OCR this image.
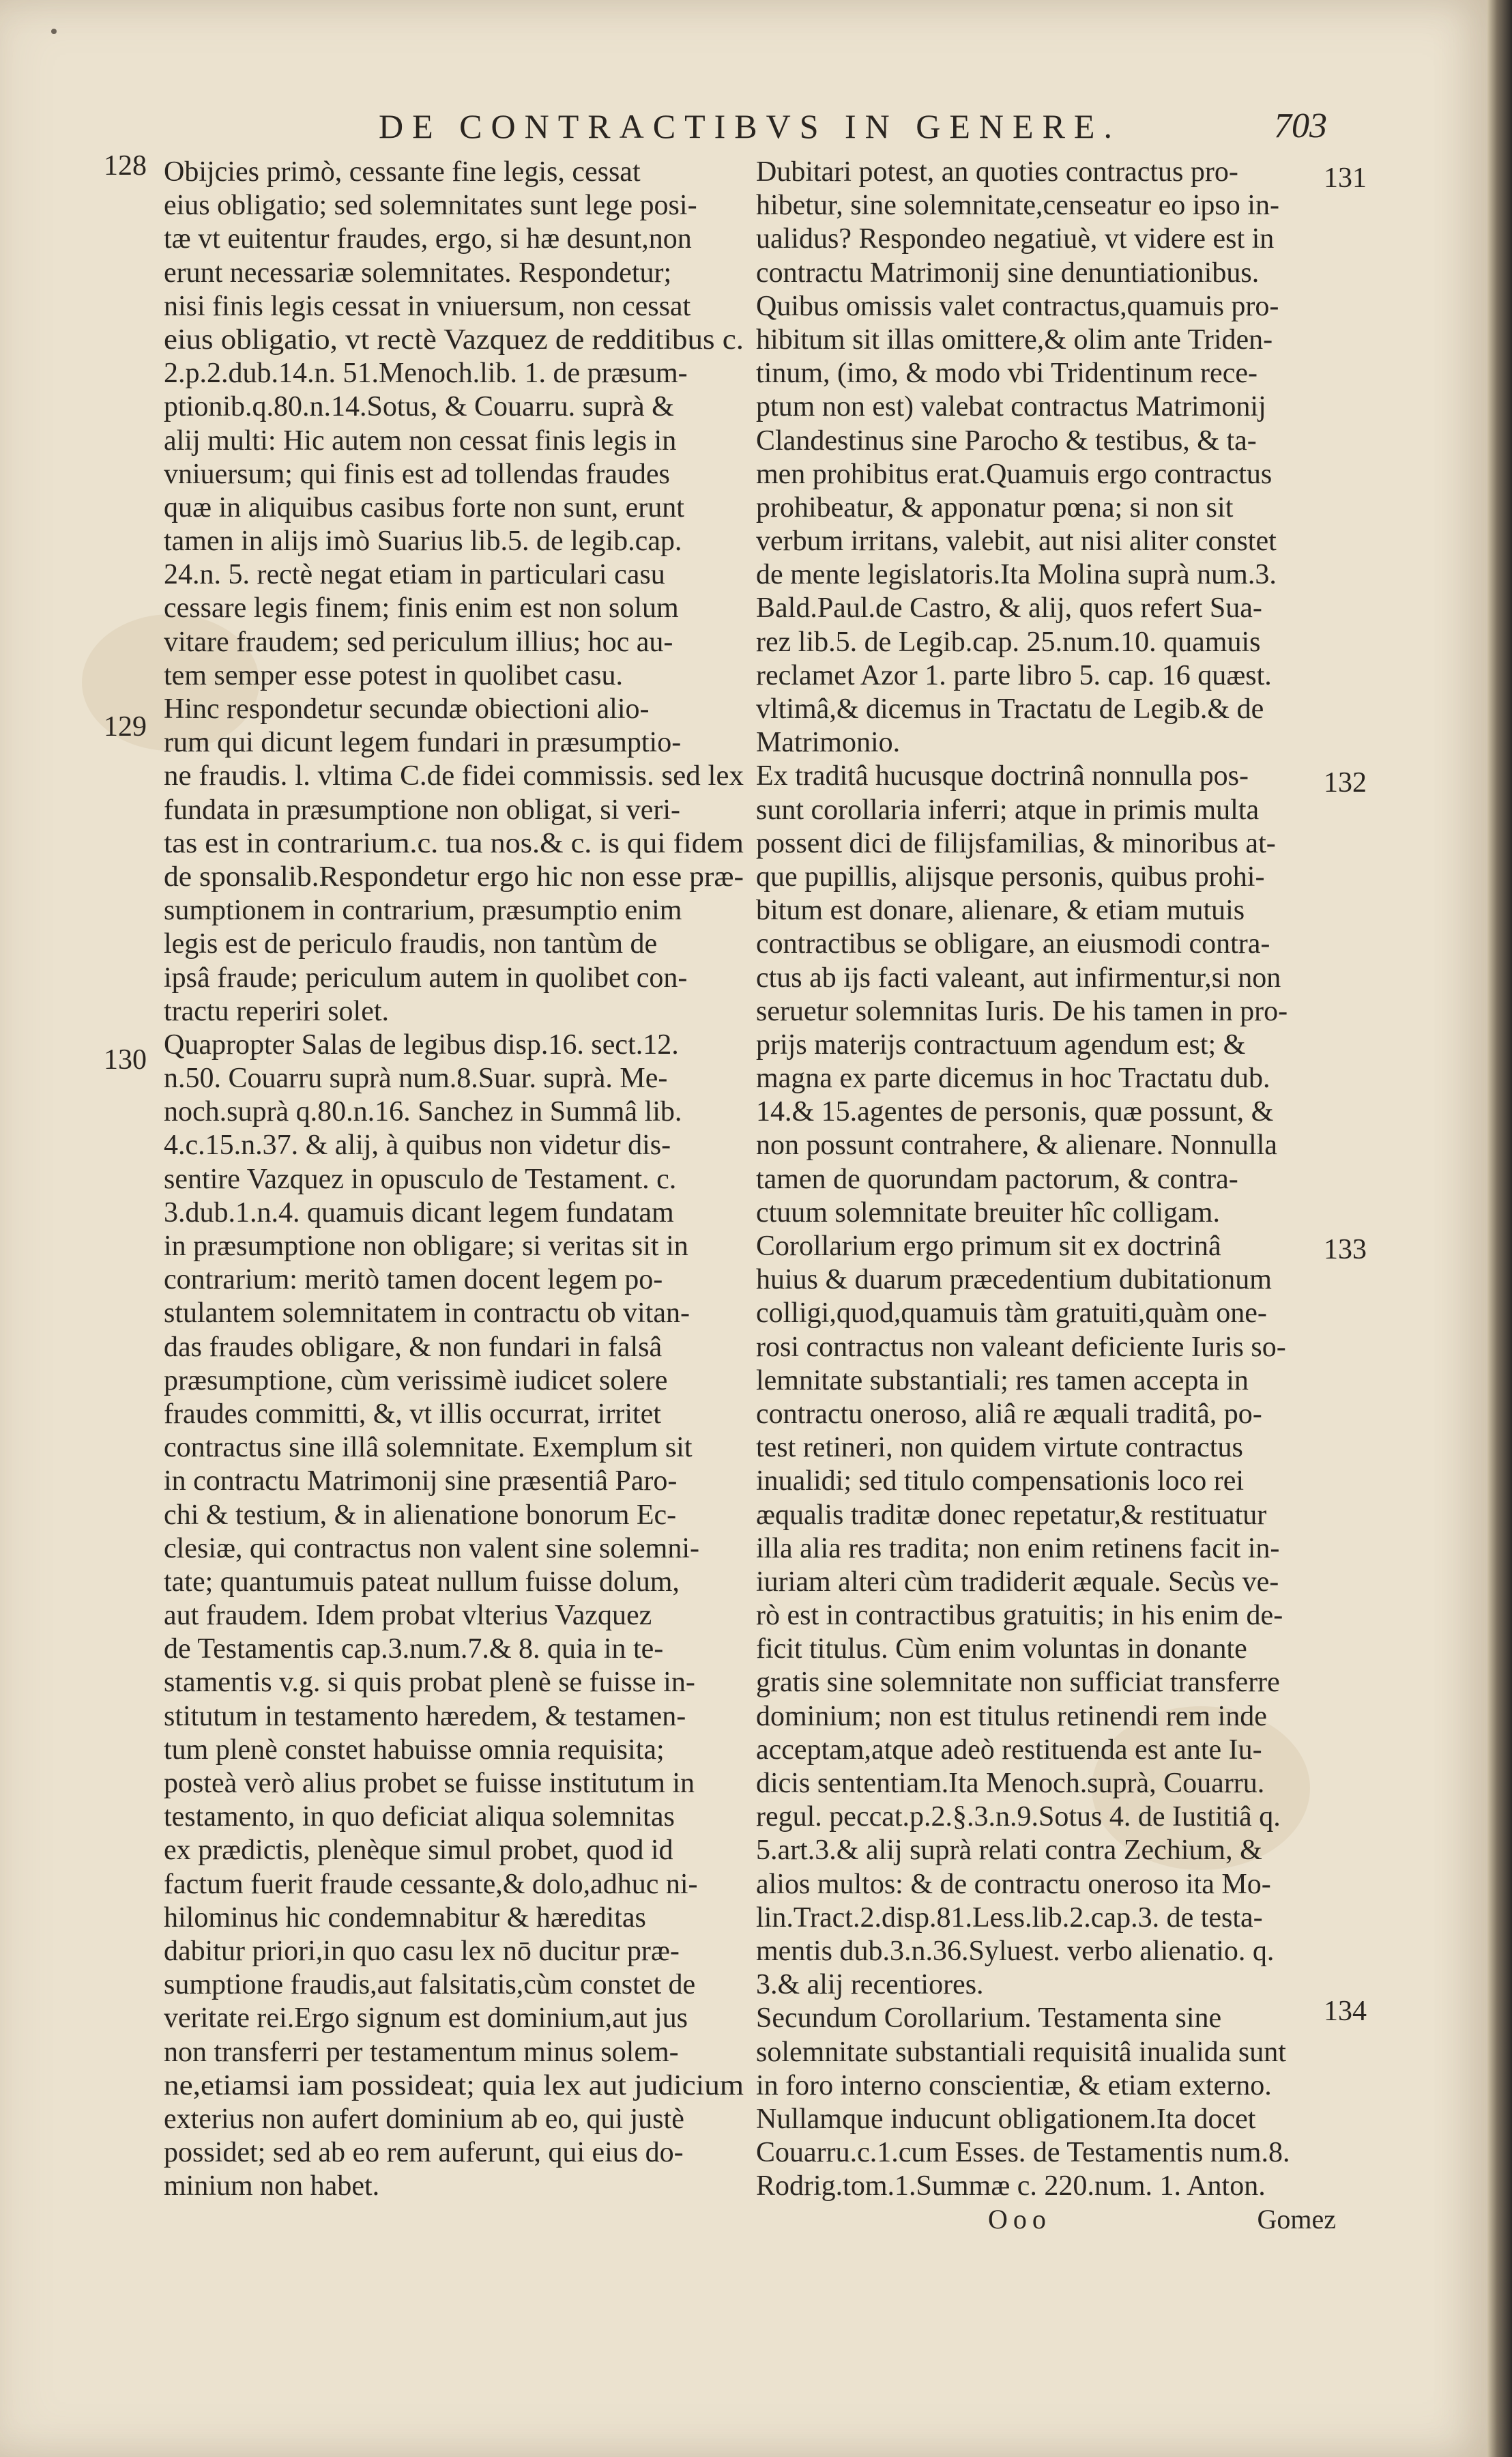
DE CONTRACTIBVS IN GENERE.	703
128
129
130
131
132
133
134
Obijcies primò, cessante fine legis, cessat
eius obligatio; sed solemnitates sunt lege posi-
tæ vt euitentur fraudes, ergo, si hæ desunt,non
erunt necessariæ solemnitates. Respondetur;
nisi finis legis cessat in vniuersum, non cessat
eius obligatio, vt rectè Vazquez de redditibus c.
2.p.2.dub.14.n. 51.Menoch.lib. 1. de præsum-
ptionib.q.80.n.14.Sotus, & Couarru. suprà &
alij multi: Hic autem non cessat finis legis in
vniuersum; qui finis est ad tollendas fraudes
quæ in aliquibus casibus forte non sunt, erunt
tamen in alijs imò Suarius lib.5. de legib.cap.
24.n. 5. rectè negat etiam in particulari casu
cessare legis finem; finis enim est non solum
vitare fraudem; sed periculum illius; hoc au-
tem semper esse potest in quolibet casu.
Hinc respondetur secundæ obiectioni alio-
rum qui dicunt legem fundari in præsumptio-
ne fraudis. l. vltima C.de fidei commissis. sed lex
fundata in præsumptione non obligat, si veri-
tas est in contrarium.c. tua nos.& c. is qui fidem
de sponsalib.Respondetur ergo hic non esse præ-
sumptionem in contrarium, præsumptio enim
legis est de periculo fraudis, non tantùm de
ipsâ fraude; periculum autem in quolibet con-
tractu reperiri solet.
Quapropter Salas de legibus disp.16. sect.12.
n.50. Couarru suprà num.8.Suar. suprà. Me-
noch.suprà q.80.n.16. Sanchez in Summâ lib.
4.c.15.n.37. & alij, à quibus non videtur dis-
sentire Vazquez in opusculo de Testament. c.
3.dub.1.n.4. quamuis dicant legem fundatam
in præsumptione non obligare; si veritas sit in
contrarium: meritò tamen docent legem po-
stulantem solemnitatem in contractu ob vitan-
das fraudes obligare, & non fundari in falsâ
præsumptione, cùm verissimè iudicet solere
fraudes committi, &, vt illis occurrat, irritet
contractus sine illâ solemnitate. Exemplum sit
in contractu Matrimonij sine præsentiâ Paro-
chi & testium, & in alienatione bonorum Ec-
clesiæ, qui contractus non valent sine solemni-
tate; quantumuis pateat nullum fuisse dolum,
aut fraudem. Idem probat vlterius Vazquez
de Testamentis cap.3.num.7.& 8. quia in te-
stamentis v.g. si quis probat plenè se fuisse in-
stitutum in testamento hæredem, & testamen-
tum plenè constet habuisse omnia requisita;
posteà verò alius probet se fuisse institutum in
testamento, in quo deficiat aliqua solemnitas
ex prædictis, plenèque simul probet, quod id
factum fuerit fraude cessante,& dolo,adhuc ni-
hilominus hic condemnabitur & hæreditas
dabitur priori,in quo casu lex nō ducitur præ-
sumptione fraudis,aut falsitatis,cùm constet de
veritate rei.Ergo signum est dominium,aut jus
non transferri per testamentum minus solem-
ne,etiamsi iam possideat; quia lex aut judicium
exterius non aufert dominium ab eo, qui justè
possidet; sed ab eo rem auferunt, qui eius do-
minium non habet.
Dubitari potest, an quoties contractus pro-
hibetur, sine solemnitate,censeatur eo ipso in-
ualidus? Respondeo negatiuè, vt videre est in
contractu Matrimonij sine denuntiationibus.
Quibus omissis valet contractus,quamuis pro-
hibitum sit illas omittere,& olim ante Triden-
tinum, (imo, & modo vbi Tridentinum rece-
ptum non est) valebat contractus Matrimonij
Clandestinus sine Parocho & testibus, & ta-
men prohibitus erat.Quamuis ergo contractus
prohibeatur, & apponatur pœna; si non sit
verbum irritans, valebit, aut nisi aliter constet
de mente legislatoris.Ita Molina suprà num.3.
Bald.Paul.de Castro, & alij, quos refert Sua-
rez lib.5. de Legib.cap. 25.num.10. quamuis
reclamet Azor 1. parte libro 5. cap. 16 quæst.
vltimâ,& dicemus in Tractatu de Legib.& de
Matrimonio.
Ex traditâ hucusque doctrinâ nonnulla pos-
sunt corollaria inferri; atque in primis multa
possent dici de filijsfamilias, & minoribus at-
que pupillis, alijsque personis, quibus prohi-
bitum est donare, alienare, & etiam mutuis
contractibus se obligare, an eiusmodi contra-
ctus ab ijs facti valeant, aut infirmentur,si non
seruetur solemnitas Iuris. De his tamen in pro-
prijs materijs contractuum agendum est; &
magna ex parte dicemus in hoc Tractatu dub.
14.& 15.agentes de personis, quæ possunt, &
non possunt contrahere, & alienare. Nonnulla
tamen de quorundam pactorum, & contra-
ctuum solemnitate breuiter hîc colligam.
Corollarium ergo primum sit ex doctrinâ
huius & duarum præcedentium dubitationum
colligi,quod,quamuis tàm gratuiti,quàm one-
rosi contractus non valeant deficiente Iuris so-
lemnitate substantiali; res tamen accepta in
contractu oneroso, aliâ re æquali traditâ, po-
test retineri, non quidem virtute contractus
inualidi; sed titulo compensationis loco rei
æqualis traditæ donec repetatur,& restituatur
illa alia res tradita; non enim retinens facit in-
iuriam alteri cùm tradiderit æquale. Secùs ve-
rò est in contractibus gratuitis; in his enim de-
ficit titulus. Cùm enim voluntas in donante
gratis sine solemnitate non sufficiat transferre
dominium; non est titulus retinendi rem inde
acceptam,atque adeò restituenda est ante Iu-
dicis sententiam.Ita Menoch.suprà, Couarru.
regul. peccat.p.2.§.3.n.9.Sotus 4. de Iustitiâ q.
5.art.3.& alij suprà relati contra Zechium, &
alios multos: & de contractu oneroso ita Mo-
lin.Tract.2.disp.81.Less.lib.2.cap.3. de testa-
mentis dub.3.n.36.Syluest. verbo alienatio. q.
3.& alij recentiores.
Secundum Corollarium. Testamenta sine
solemnitate substantiali requisitâ inualida sunt
in foro interno conscientiæ, & etiam externo.
Nullamque inducunt obligationem.Ita docet
Couarru.c.1.cum Esses. de Testamentis num.8.
Rodrig.tom.1.Summæ c. 220.num. 1. Anton.
Ooo	Gomez
